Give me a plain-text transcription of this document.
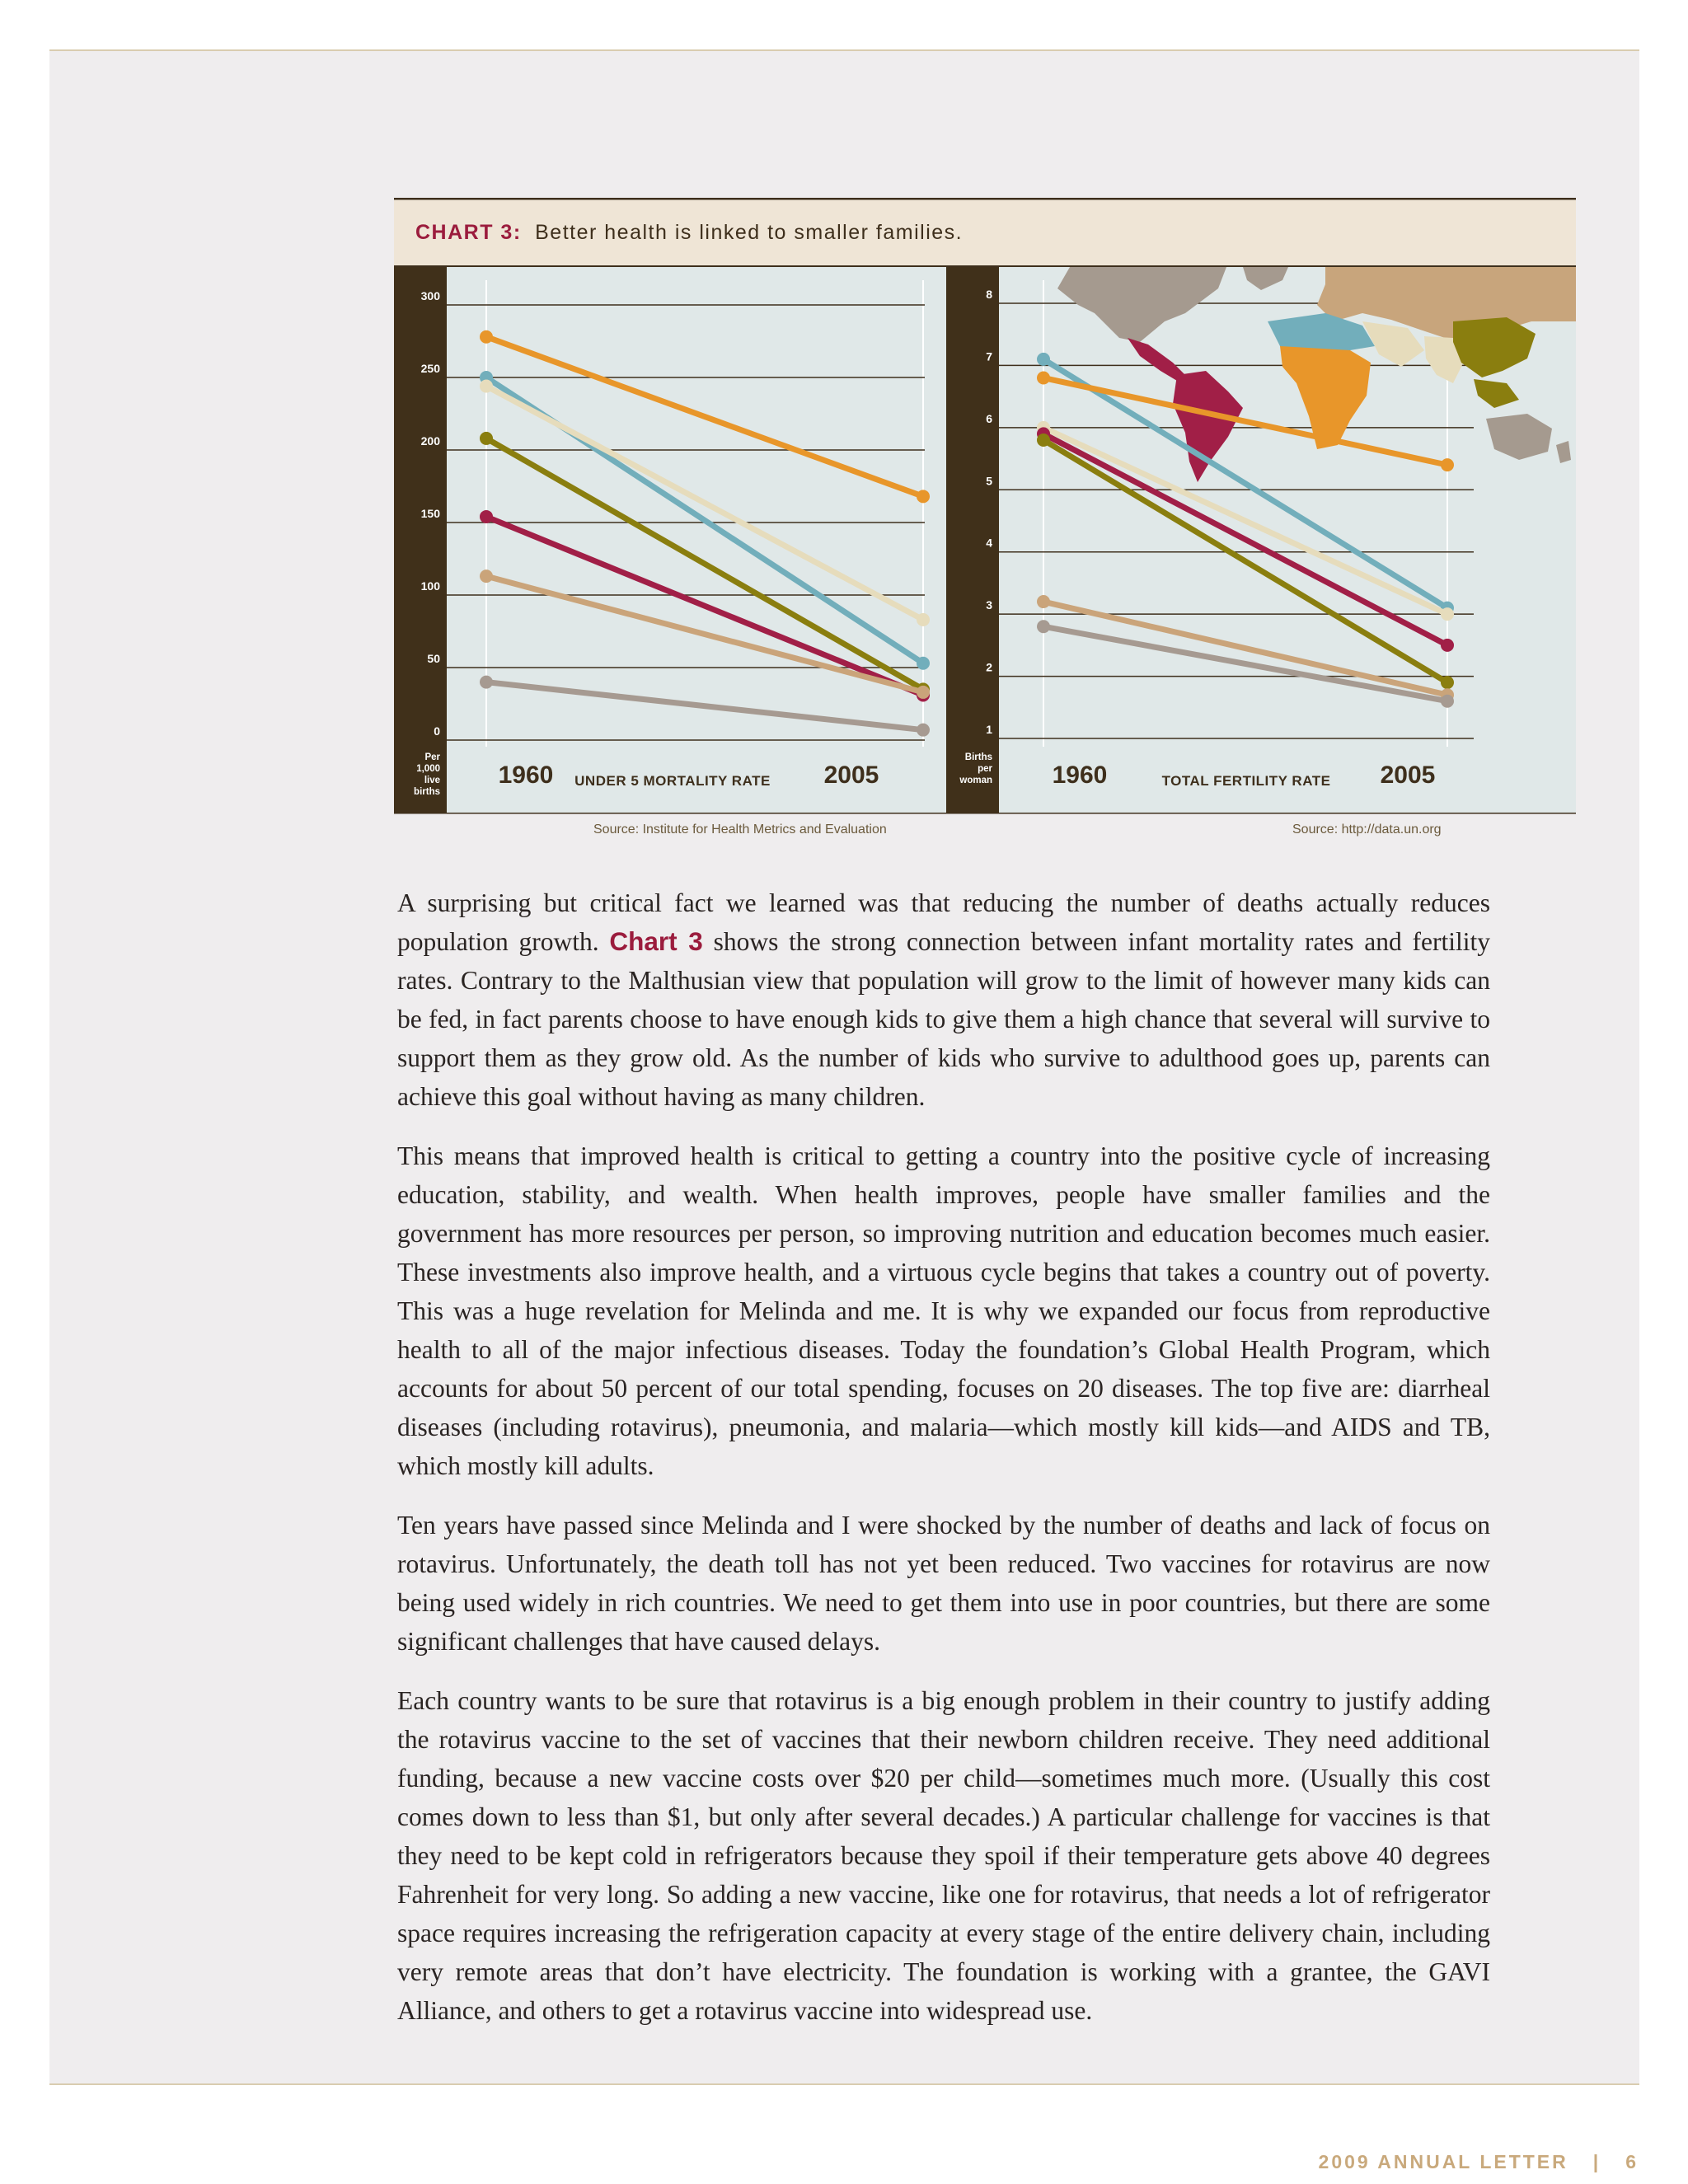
CHART 3: Better health is linked to smaller families.
0
50
100
150
200
250
300
Per
1,000
live
births
1960	2005
UNDER 5 MORTALITY RATE
1
2
3
4
5
6
7
8
Births
per
woman 1960	2005
TOTAL FERTILITY RATE
Source: Institute for Health Metrics and Evaluation	Source: http://data.un.org

A surprising but critical fact we learned was that reducing the number of deaths actually reduces population growth. Chart 3 shows the strong connection between infant mortality rates and fertility rates. Contrary to the Malthusian view that population will grow to the limit of however many kids can be fed, in fact parents choose to have enough kids to give them a high chance that several will survive to support them as they grow old. As the number of kids who survive to adulthood goes up, parents can achieve this goal without having as many children.

This means that improved health is critical to getting a country into the positive cycle of increasing education, stability, and wealth. When health improves, people have smaller families and the government has more resources per person, so improving nutrition and education becomes much easier. These investments also improve health, and a virtuous cycle begins that takes a country out of poverty. This was a huge revelation for Melinda and me. It is why we expanded our focus from reproductive health to all of the major infectious diseases. Today the foundation’s Global Health Program, which accounts for about 50 percent of our total spending, focuses on 20 diseases. The top five are: diarrheal diseases (including rotavirus), pneumonia, and malaria—which mostly kill kids—and AIDS and TB, which mostly kill adults.

Ten years have passed since Melinda and I were shocked by the number of deaths and lack of focus on rotavirus. Unfortunately, the death toll has not yet been reduced. Two vaccines for rotavirus are now being used widely in rich countries. We need to get them into use in poor countries, but there are some significant challenges that have caused delays.

Each country wants to be sure that rotavirus is a big enough problem in their country to justify adding the rotavirus vaccine to the set of vaccines that their newborn children receive. They need additional funding, because a new vaccine costs over $20 per child—sometimes much more. (Usually this cost comes down to less than $1, but only after several decades.) A particular challenge for vaccines is that they need to be kept cold in refrigerators because they spoil if their temperature gets above 40 degrees Fahrenheit for very long. So adding a new vaccine, like one for rotavirus, that needs a lot of refrigerator space requires increasing the refrigeration capacity at every stage of the entire delivery chain, including very remote areas that don’t have electricity. The foundation is working with a grantee, the GAVI Alliance, and others to get a rotavirus vaccine into widespread use.

2009 ANNUAL LETTER | 6
